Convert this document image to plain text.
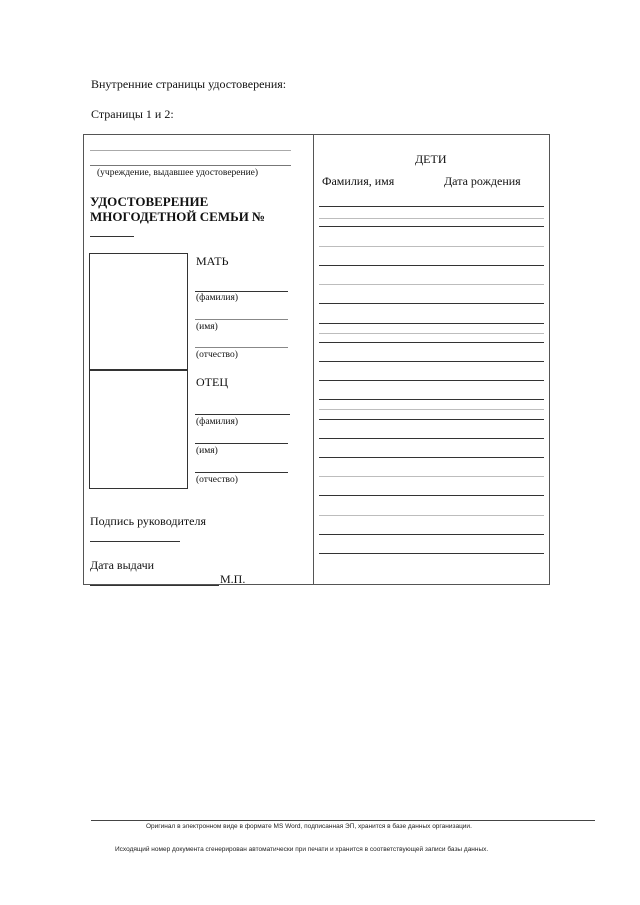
Внутренние страницы удостоверения:
Страницы 1 и 2:
(учреждение, выдавшее удостоверение)
УДОСТОВЕРЕНИЕ
МНОГОДЕТНОЙ СЕМЬИ №
МАТЬ
(фамилия)
(имя)
(отчество)
ОТЕЦ
(фамилия)
(имя)
(отчество)
Подпись руководителя
Дата выдачи
М.П.
ДЕТИ
Фамилия, имя	Дата рождения
Оригинал в электронном виде в формате MS Word, подписанная ЭП, хранится в базе данных организации.
Исходящий номер документа сгенерирован автоматически при печати и хранится в соответствующей записи базы данных.
